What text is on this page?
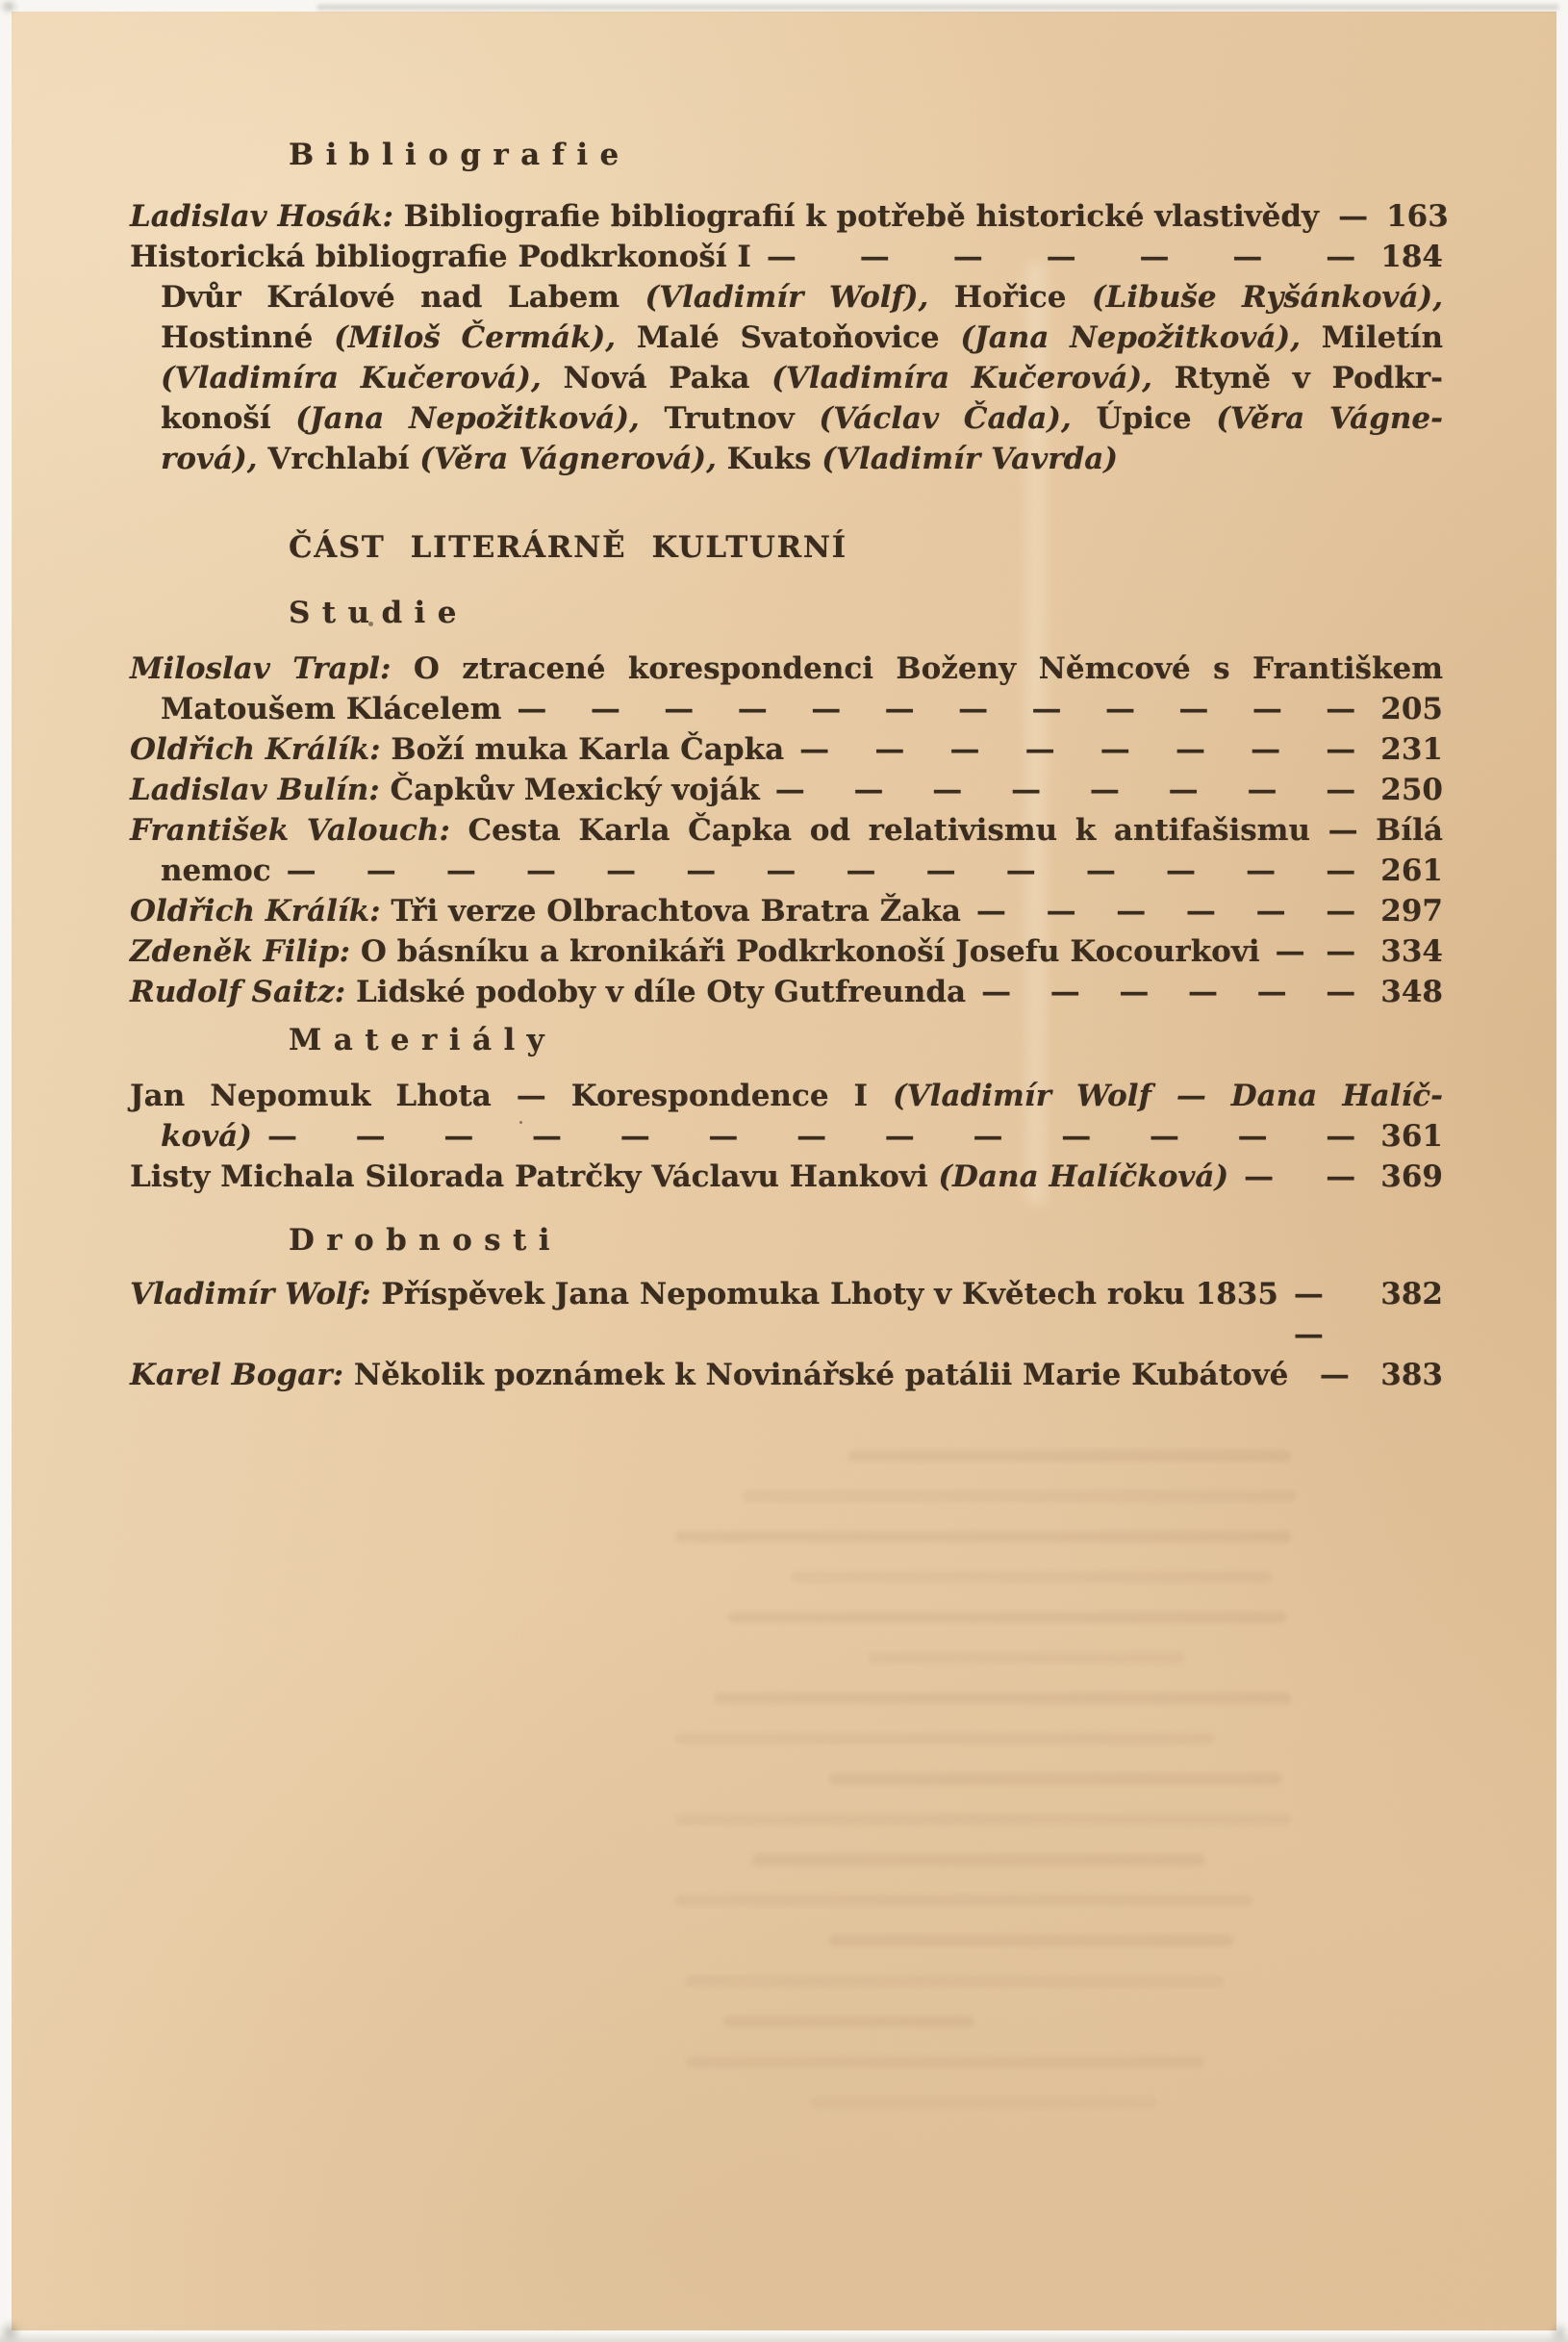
Bibliografie
Ladislav Hosák: Bibliografie bibliografií k potřebě historické vlastivědy — 163
Historická bibliografie Podkrkonoší I — — — — — — — 184
Dvůr Králové nad Labem (Vladimír Wolf), Hořice (Libuše Ryšánková),
Hostinné (Miloš Čermák), Malé Svatoňovice (Jana Nepožitková), Miletín
(Vladimíra Kučerová), Nová Paka (Vladimíra Kučerová), Rtyně v Podkr-
konoší (Jana Nepožitková), Trutnov (Václav Čada), Úpice (Věra Vágne-
rová), Vrchlabí (Věra Vágnerová), Kuks (Vladimír Vavrda)
ČÁST LITERÁRNĚ KULTURNÍ
Studie
Miloslav Trapl: O ztracené korespondenci Boženy Němcové s Františkem
Matoušem Klácelem — — — — — — — — — — — — 205
Oldřich Králík: Boží muka Karla Čapka — — — — — — — — 231
Ladislav Bulín: Čapkův Mexický voják — — — — — — — — 250
František Valouch: Cesta Karla Čapka od relativismu k antifašismu — Bílá
nemoc — — — — — — — — — — — — — — 261
Oldřich Králík: Tři verze Olbrachtova Bratra Žaka — — — — — — 297
Zdeněk Filip: O básníku a kronikáři Podkrkonoší Josefu Kocourkovi — — 334
Rudolf Saitz: Lidské podoby v díle Oty Gutfreunda — — — — — — 348
Materiály
Jan Nepomuk Lhota — Korespondence I (Vladimír Wolf — Dana Halíč-
ková) — — — — — — — — — — — — — 361
Listy Michala Silorada Patrčky Václavu Hankovi (Dana Halíčková) — — 369
Drobnosti
Vladimír Wolf: Příspěvek Jana Nepomuka Lhoty v Květech roku 1835 — —
382
Karel Bogar: Několik poznámek k Novinářské patálii Marie Kubátové	—	383
